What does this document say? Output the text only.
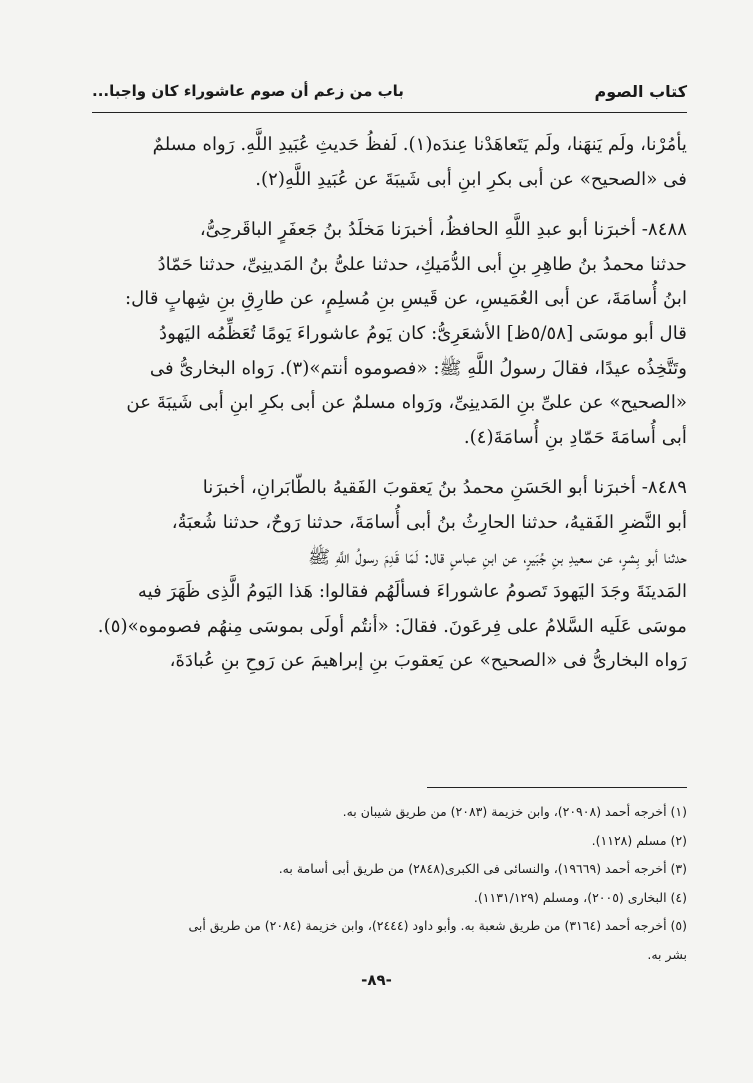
كتاب الصوم
باب من زعم أن صوم عاشوراء كان واجبا...
يأمُرْنا، ولَم يَنهَنا، ولَم يَتَعاهَدْنا عِندَه(١). لَفظُ حَديثِ عُبَيدِ اللَّهِ. رَواه مسلمٌ
فى «الصحيح» عن أبى بكرِ ابنِ أبى شَيبَةَ عن عُبَيدِ اللَّهِ(٢).
٨٤٨٨- أخبرَنا أبو عبدِ اللَّهِ الحافظُ، أخبرَنا مَخلَدُ بنُ جَعفَرٍ الباقَرحِىُّ،
حدثنا محمدُ بنُ طاهِرِ بنِ أبى الدُّمَيكِ، حدثنا علىُّ بنُ المَدينِىِّ، حدثنا حَمّادُ
ابنُ أُسامَةَ، عن أبى العُمَيسِ، عن قَيسِ بنِ مُسلِمٍ، عن طارِقِ بنِ شِهابٍ قال:
قال أبو موسَى [٥/٥٨ظ] الأشعَرِىُّ: كان يَومُ عاشوراءَ يَومًا تُعَظِّمُه اليَهودُ
وتَتَّخِذُه عيدًا، فقالَ رسولُ اللَّهِ ﷺ: «فصوموه أنتم»(٣). رَواه البخارىُّ فى
«الصحيح» عن علىِّ بنِ المَدينِىِّ، ورَواه مسلمٌ عن أبى بكرِ ابنِ أبى شَيبَةَ عن
أبى أُسامَةَ حَمّادِ بنِ أُسامَةَ(٤).
٨٤٨٩- أخبرَنا أبو الحَسَنِ محمدُ بنُ يَعقوبَ الفَقيهُ بالطّابَرانِ، أخبرَنا
أبو النَّضرِ الفَقيهُ، حدثنا الحارِثُ بنُ أبى أُسامَةَ، حدثنا رَوحٌ، حدثنا شُعبَةُ،
حدثنا أبو بِشرٍ، عن سعيدِ بنِ جُبَيرٍ، عن ابنِ عباسٍ قال: لَمّا قَدِمَ رسولُ اللَّهِ ﷺ
المَدينَةَ وجَدَ اليَهودَ تَصومُ عاشوراءَ فسألَهُم فقالوا: هَذا اليَومُ الَّذِى ظَهَرَ فيه
موسَى عَلَيه السَّلامُ على فِرعَونَ. فقالَ: «أنتُم أولَى بموسَى مِنهُم فصوموه»(٥).
رَواه البخارىُّ فى «الصحيح» عن يَعقوبَ بنِ إبراهيمَ عن رَوحِ بنِ عُبادَةَ،
(١) أخرجه أحمد (٢٠٩٠٨)، وابن خزيمة (٢٠٨٣) من طريق شيبان به.
(٢) مسلم (١١٢٨).
(٣) أخرجه أحمد (١٩٦٦٩)، والنسائى فى الكبرى(٢٨٤٨) من طريق أبى أسامة به.
(٤) البخارى (٢٠٠٥)، ومسلم (١١٣١/١٢٩).
(٥) أخرجه أحمد (٣١٦٤) من طريق شعبة به. وأبو داود (٢٤٤٤)، وابن خزيمة (٢٠٨٤) من طريق أبى
بشر به.
-٨٩-
